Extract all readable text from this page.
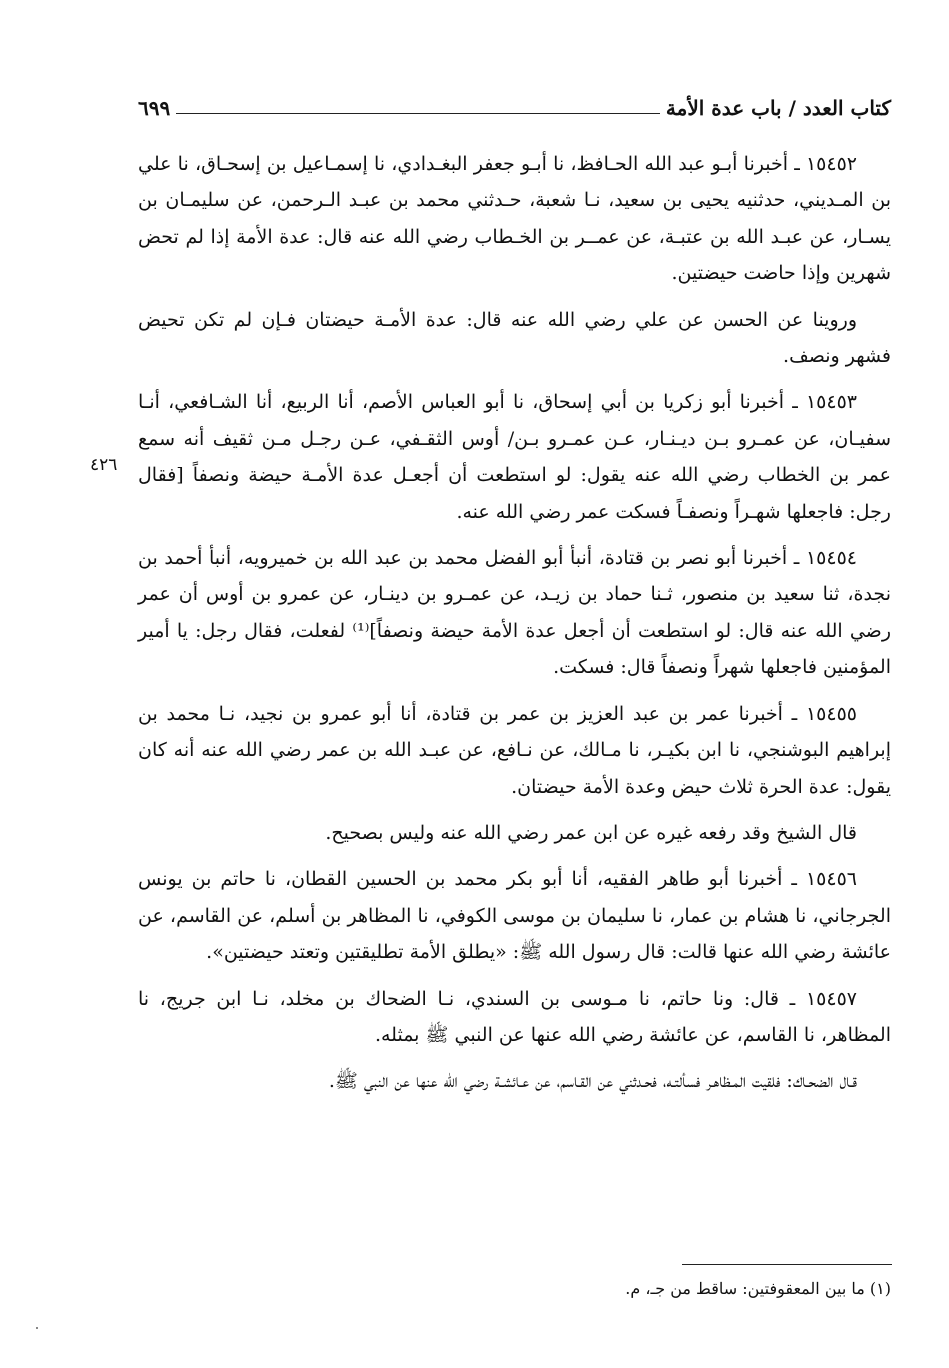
كتاب العدد / باب عدة الأمة
٦٩٩
٤٢٦

١٥٤٥٢ ـ أخبرنا أبـو عبد الله الحـافظ، نا أبـو جعفر البغـدادي، نا إسمـاعيل بن إسحـاق، نا علي بن المـديني، حدثنيه يحيى بن سعيد، نـا شعبة، حـدثني محمد بن عبـد الـرحمن، عن سليمـان بن يسـار، عن عبـد الله بن عتبـة، عن عمــر بن الخـطاب رضي الله عنه قال: عدة الأمة إذا لم تحض شهرين وإذا حاضت حيضتين.

وروينا عن الحسن عن علي رضي الله عنه قال: عدة الأمـة حيضتان فـإن لم تكن تحيض فشهر ونصف.

١٥٤٥٣ ـ أخبرنا أبو زكريا بن أبي إسحاق، نا أبو العباس الأصم، أنا الربيع، أنا الشـافعي، أنـا سفيـان، عن عمـرو بـن ديـنـار، عـن عمـرو بـن/ أوس الثقـفي، عـن رجـل مـن ثقيف أنه سمع عمر بن الخطاب رضي الله عنه يقول: لو استطعت أن أجعـل عدة الأمـة حيضة ونصفاً [فقال رجل: فاجعلها شهـراً ونصفـاً فسكت عمر رضي الله عنه.

١٥٤٥٤ ـ أخبرنا أبو نصر بن قتادة، أنبأ أبو الفضل محمد بن عبد الله بن خميرويه، أنبأ أحمد بن نجدة، ثنا سعيد بن منصور، ثـنا حماد بن زيـد، عن عمـرو بن دينـار، عن عمرو بن أوس أن عمر رضي الله عنه قال: لو استطعت أن أجعل عدة الأمة حيضة ونصفاً]⁽¹⁾ لفعلت، فقال رجل: يا أمير المؤمنين فاجعلها شهراً ونصفاً قال: فسكت.

١٥٤٥٥ ـ أخبرنا عمر بن عبد العزيز بن عمر بن قتادة، أنا أبو عمرو بن نجيد، نـا محمد بن إبراهيم البوشنجي، نا ابن بكيـر، نا مـالك، عن نـافع، عن عبـد الله بن عمر رضي الله عنه أنه كان يقول: عدة الحرة ثلاث حيض وعدة الأمة حيضتان.

قال الشيخ وقد رفعه غيره عن ابن عمر رضي الله عنه وليس بصحيح.

١٥٤٥٦ ـ أخبرنا أبو طاهر الفقيه، أنا أبو بكر محمد بن الحسين القطان، نا حاتم بن يونس الجرجاني، نا هشام بن عمار، نا سليمان بن موسى الكوفي، نا المظاهر بن أسلم، عن القاسم، عن عائشة رضي الله عنها قالت: قال رسول الله ﷺ: «يطلق الأمة تطليقتين وتعتد حيضتين».

١٥٤٥٧ ـ قال: ونا حاتم، نا مـوسى بن السندي، نـا الضحاك بن مخلد، نـا ابن جريج، نا المظاهر، نا القاسم، عن عائشة رضي الله عنها عن النبي ﷺ بمثله.

قـال الضحـاك: فلقيت المـظاهـر فسألتـه، فحـدثني عن القـاسم، عن عـائشـة رضي الله عنها عن النبي ﷺ.

(١) ما بين المعقوفتين: ساقط من جـ، م.
